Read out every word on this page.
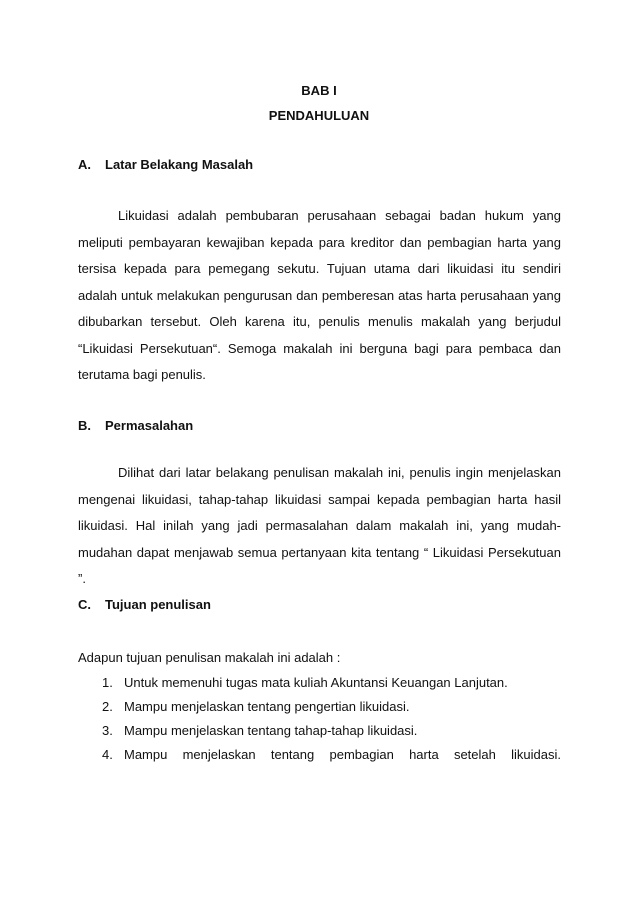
BAB I
PENDAHULUAN
A. Latar Belakang Masalah

Likuidasi adalah pembubaran perusahaan sebagai badan hukum yang meliputi pembayaran kewajiban kepada para kreditor dan pembagian harta yang tersisa kepada para pemegang sekutu. Tujuan utama dari likuidasi itu sendiri adalah untuk melakukan pengurusan dan pemberesan atas harta perusahaan yang dibubarkan tersebut. Oleh karena itu, penulis menulis makalah yang berjudul “Likuidasi Persekutuan“. Semoga makalah ini berguna bagi para pembaca dan terutama bagi penulis.

B. Permasalahan

Dilihat dari latar belakang penulisan makalah ini, penulis ingin menjelaskan mengenai likuidasi, tahap-tahap likuidasi sampai kepada pembagian harta hasil likuidasi. Hal inilah yang jadi permasalahan dalam makalah ini, yang mudah-mudahan dapat menjawab semua pertanyaan kita tentang “ Likuidasi Persekutuan ”.

C. Tujuan penulisan
Adapun tujuan penulisan makalah ini adalah :
1. Untuk memenuhi tugas mata kuliah Akuntansi Keuangan Lanjutan.
2. Mampu menjelaskan tentang pengertian likuidasi.
3. Mampu menjelaskan tentang tahap-tahap likuidasi.
4. Mampu menjelaskan tentang pembagian harta setelah likuidasi.
